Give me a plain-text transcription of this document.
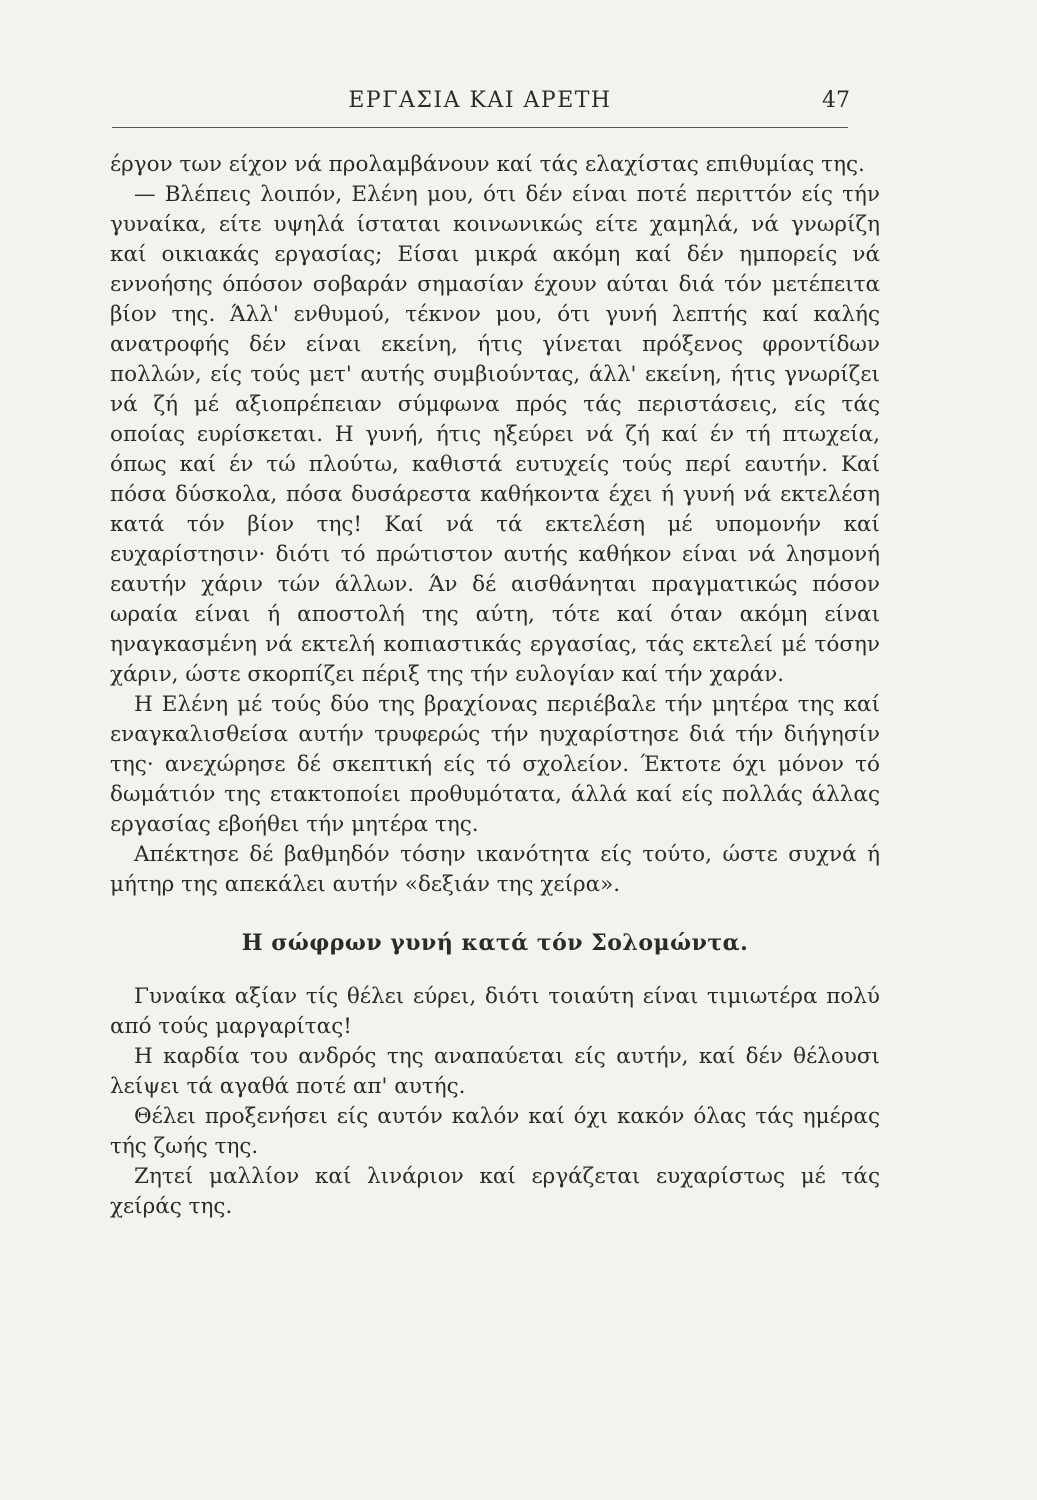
ΕΡΓΑΣΙΑ ΚΑΙ ΑΡΕΤΗ	47

έργον των είχον νά προλαμβάνουν καί τάς ελαχίστας επιθυμίας της.

— Βλέπεις λοιπόν, Ελένη μου, ότι δέν είναι ποτέ περιττόν είς τήν γυναίκα, είτε υψηλά ίσταται κοινωνικώς είτε χαμηλά, νά γνωρίζη καί οικιακάς εργασίας; Είσαι μικρά ακόμη καί δέν ημπορείς νά εννοήσης όπόσον σοβαράν σημασίαν έχουν αύται διά τόν μετέπειτα βίον της. Άλλ' ενθυμού, τέκνον μου, ότι γυνή λεπτής καί καλής ανατροφής δέν είναι εκείνη, ήτις γίνεται πρόξενος φροντίδων πολλών, είς τούς μετ' αυτής συμβιούντας, άλλ' εκείνη, ήτις γνωρίζει νά ζή μέ αξιοπρέπειαν σύμφωνα πρός τάς περιστάσεις, είς τάς οποίας ευρίσκεται. Η γυνή, ήτις ηξεύρει νά ζή καί έν τή πτωχεία, όπως καί έν τώ πλούτω, καθιστά ευτυχείς τούς περί εαυτήν. Καί πόσα δύσκολα, πόσα δυσάρεστα καθήκοντα έχει ή γυνή νά εκτελέση κατά τόν βίον της! Καί νά τά εκτελέση μέ υπομονήν καί ευχαρίστησιν· διότι τό πρώτιστον αυτής καθήκον είναι νά λησμονή εαυτήν χάριν τών άλλων. Άν δέ αισθάνηται πραγματικώς πόσον ωραία είναι ή αποστολή της αύτη, τότε καί όταν ακόμη είναι ηναγκασμένη νά εκτελή κοπιαστικάς εργασίας, τάς εκτελεί μέ τόσην χάριν, ώστε σκορπίζει πέριξ της τήν ευλογίαν καί τήν χαράν.

Η Ελένη μέ τούς δύο της βραχίονας περιέβαλε τήν μητέρα της καί εναγκαλισθείσα αυτήν τρυφερώς τήν ηυχαρίστησε διά τήν διήγησίν της· ανεχώρησε δέ σκεπτική είς τό σχολείον. Έκτοτε όχι μόνον τό δωμάτιόν της ετακτοποίει προθυμότατα, άλλά καί είς πολλάς άλλας εργασίας εβοήθει τήν μητέρα της.

Απέκτησε δέ βαθμηδόν τόσην ικανότητα είς τούτο, ώστε συχνά ή μήτηρ της απεκάλει αυτήν «δεξιάν της χείρα».

Η σώφρων γυνή κατά τόν Σολομώντα.

Γυναίκα αξίαν τίς θέλει εύρει, διότι τοιαύτη είναι τιμιωτέρα πολύ από τούς μαργαρίτας!

Η καρδία του ανδρός της αναπαύεται είς αυτήν, καί δέν θέλουσι λείψει τά αγαθά ποτέ απ' αυτής.

Θέλει προξενήσει είς αυτόν καλόν καί όχι κακόν όλας τάς ημέρας τής ζωής της.

Ζητεί μαλλίον καί λινάριον καί εργάζεται ευχαρίστως μέ τάς χείράς της.
